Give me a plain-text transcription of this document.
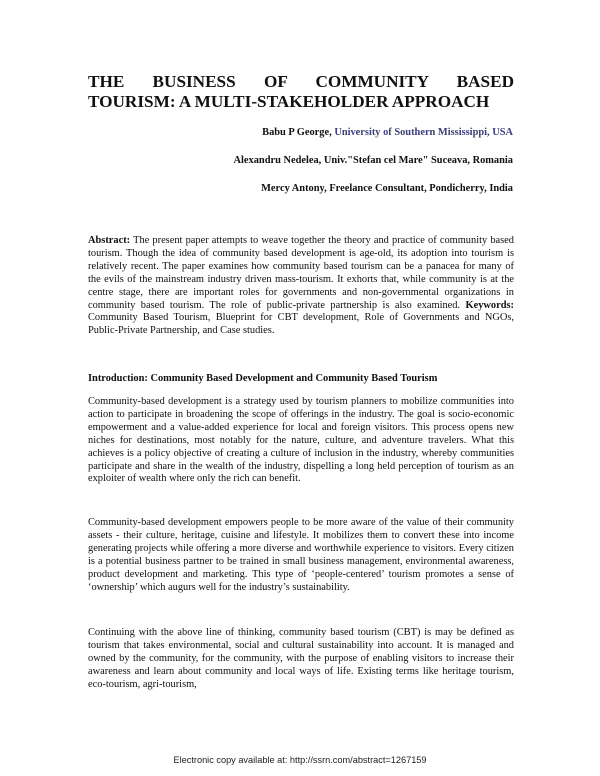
THE BUSINESS OF COMMUNITY BASED
TOURISM: A MULTI-STAKEHOLDER APPROACH
Babu P George, University of Southern Mississippi, USA
Alexandru Nedelea, Univ."Stefan cel Mare" Suceava, Romania
Mercy Antony, Freelance Consultant, Pondicherry, India

Abstract: The present paper attempts to weave together the theory and practice of community based tourism. Though the idea of community based development is age-old, its adoption into tourism is relatively recent. The paper examines how community based tourism can be a panacea for many of the evils of the mainstream industry driven mass-tourism. It exhorts that, while community is at the centre stage, there are important roles for governments and non-governmental organizations in community based tourism. The role of public-private partnership is also examined. Keywords: Community Based Tourism, Blueprint for CBT development, Role of Governments and NGOs, Public-Private Partnership, and Case studies.

Introduction: Community Based Development and Community Based Tourism

Community-based development is a strategy used by tourism planners to mobilize communities into action to participate in broadening the scope of offerings in the industry. The goal is socio-economic empowerment and a value-added experience for local and foreign visitors. This process opens new niches for destinations, most notably for the nature, culture, and adventure travelers. What this achieves is a policy objective of creating a culture of inclusion in the industry, whereby communities participate and share in the wealth of the industry, dispelling a long held perception of tourism as an exploiter of wealth where only the rich can benefit.

Community-based development empowers people to be more aware of the value of their community assets - their culture, heritage, cuisine and lifestyle. It mobilizes them to convert these into income generating projects while offering a more diverse and worthwhile experience to visitors. Every citizen is a potential business partner to be trained in small business management, environmental awareness, product development and marketing. This type of ‘people-centered’ tourism promotes a sense of ‘ownership’ which augurs well for the industry’s sustainability.

Continuing with the above line of thinking, community based tourism (CBT) is may be defined as tourism that takes environmental, social and cultural sustainability into account. It is managed and owned by the community, for the community, with the purpose of enabling visitors to increase their awareness and learn about community and local ways of life. Existing terms like heritage tourism, eco-tourism, agri-tourism,

Electronic copy available at: http://ssrn.com/abstract=1267159
